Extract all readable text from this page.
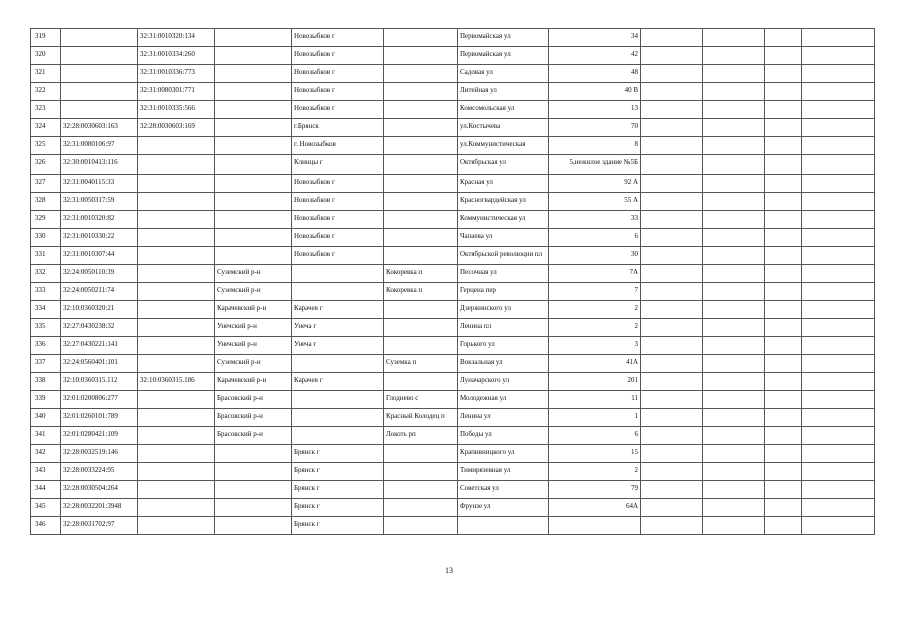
319		32:31:0010320:134		Новозыбков г		Первомайская ул	34				
320		32:31:0010334:260		Новозыбков г		Первомайская ул	42				
321		32:31:0010336:773		Новозыбков г		Садовая ул	48				
322		32:31:0080301:771		Новозыбков г		Литейная ул	40 В				
323		32:31:0010335:566		Новозыбков г		Комсомольская ул	13				
324	32:28:0030603:163	32:28:0030603:169		г.Брянск		ул.Костычева	70				
325	32:31:0080106:97			г. Новозыбков		ул.Коммунистическая	8				
326	32:30:0010413:116			Клинцы г		Октябрьская ул	5,нежилое здание №5Б				
327	32:31:0040115:33			Новозыбков г		Красная ул	92 А				
328	32:31:0050317:59			Новозыбков г		Красногвардейская ул	55 А				
329	32:31:0010320:82			Новозыбков г		Коммунистическая ул	33				
330	32:31:0010330:22			Новозыбков г		Чапаева ул	6				
331	32:31:0010307:44			Новозыбков г		Октябрьской революции пл	30				
332	32:24:0050110:39		Суземский р-н		Кокоревка п	Песочная ул	7А				
333	32:24:0050211:74		Суземский р-н		Кокоревка п	Герцена пер	7				
334	32:10:0360320:21		Карачевский р-н	Карачев г		Дзержинского ул	2				
335	32:27:0430238:32		Унечский р-н	Унеча г		Ленина пл	2				
336	32:27:0430221:141		Унечский р-н	Унеча г		Горького ул	3				
337	32:24:0560401:101		Суземский р-н		Суземка п	Вокзальная ул	41А				
338	32:10:0360315.112	32:10:0360315.186	Карачевский р-н	Карачев г		Луначарского ул	201				
339	32:01:0200806:277		Брасовский р-н		Глоднево с	Молодежная ул	11				
340	32:01:0260101:789		Брасовский р-н		Красный Колодец п	Ленина ул	1				
341	32:01:0280421:109		Брасовский р-н		Локоть рп	Победы ул	6				
342	32:28:0032519:146			Брянск г		Крапивницкого ул	15				
343	32:28:0033224:95			Брянск г		Тимирязевная ул	2				
344	32:28:0030504:264			Брянск г		Советская ул	79				
345	32:28:0032201:3948			Брянск г		Фрунзе ул	64А				
346	32:28:0031702:97			Брянск г							
13
